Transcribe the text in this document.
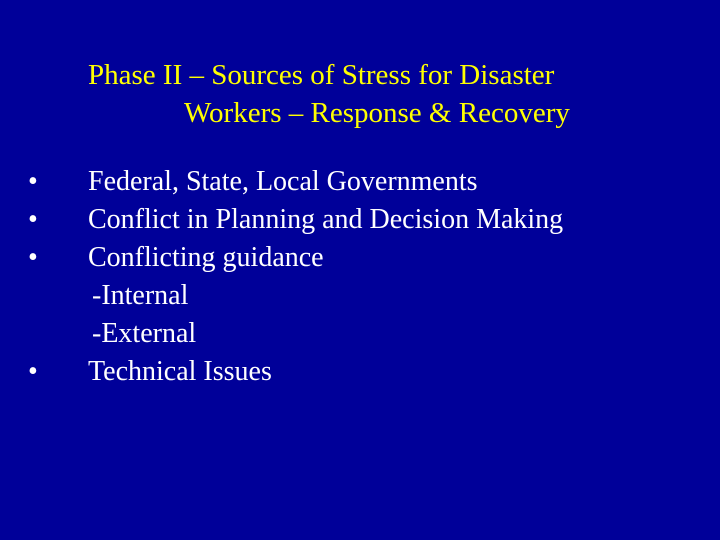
Phase II – Sources of Stress for Disaster
Workers – Response & Recovery
•	Federal, State, Local Governments
•	Conflict in Planning and Decision Making
•	Conflicting guidance
-Internal
-External
•	Technical Issues
